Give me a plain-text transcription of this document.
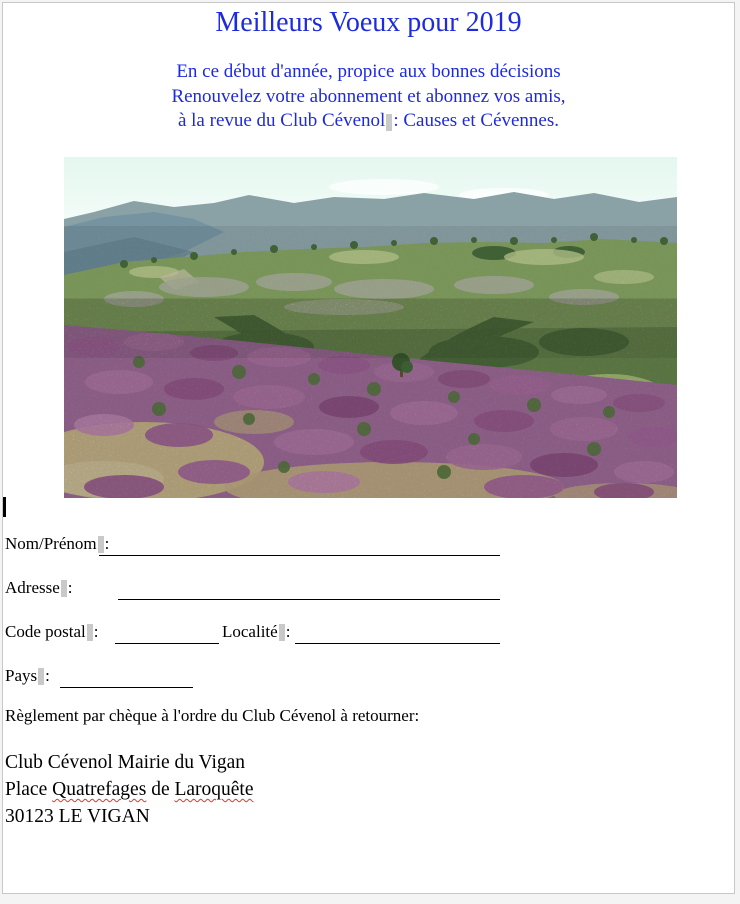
Meilleurs Voeux pour 2019
En ce début d'année, propice aux bonnes décisions
Renouvelez votre abonnement et abonnez vos amis,
à la revue du Club Cévenol : Causes et Cévennes.
Nom/Prénom :
Adresse :
Code postal :	Localité :
Pays :
Règlement par chèque à l'ordre du Club Cévenol à retourner:
Club Cévenol Mairie du Vigan
Place Quatrefages de Laroquête
30123 LE VIGAN
